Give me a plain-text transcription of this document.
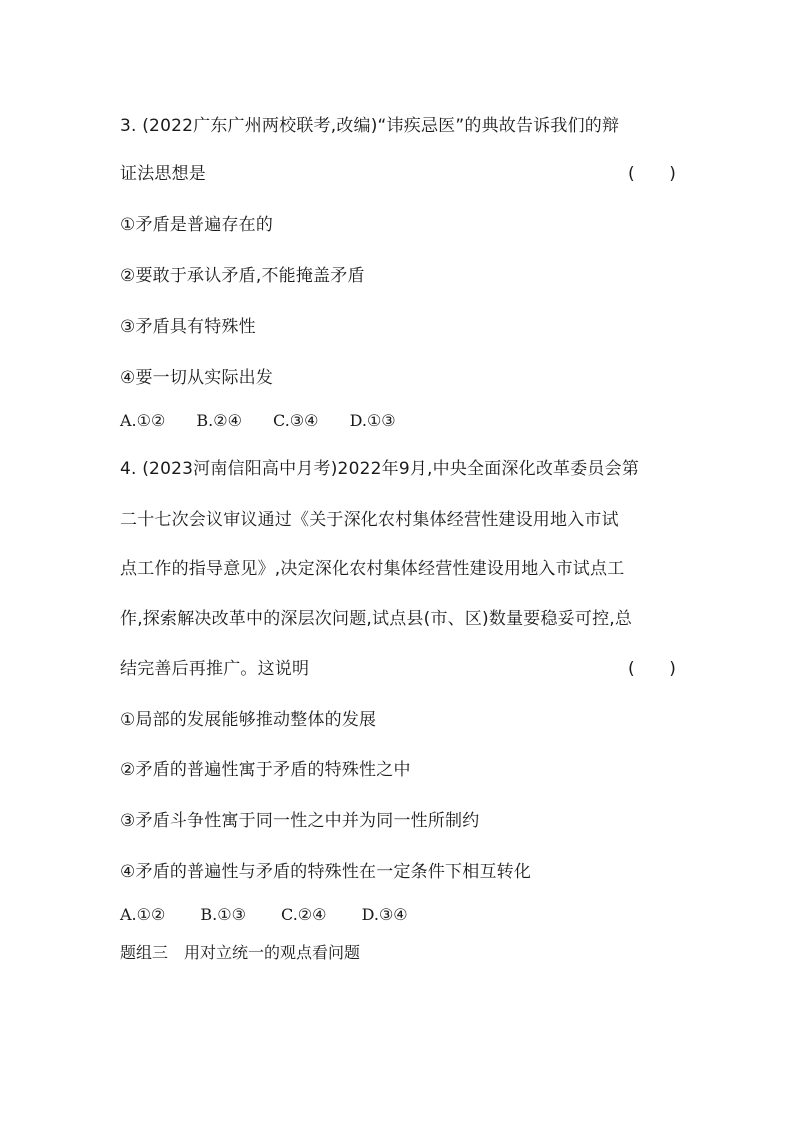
3. (2022广东广州两校联考,改编)“讳疾忌医”的典故告诉我们的辩
证法思想是	(　　)
①矛盾是普遍存在的
②要敢于承认矛盾,不能掩盖矛盾
③矛盾具有特殊性
④要一切从实际出发
A.①② B.②④ C.③④ D.①③
4. (2023河南信阳高中月考)2022年9月,中央全面深化改革委员会第
二十七次会议审议通过《关于深化农村集体经营性建设用地入市试
点工作的指导意见》,决定深化农村集体经营性建设用地入市试点工
作,探索解决改革中的深层次问题,试点县(市、区)数量要稳妥可控,总
结完善后再推广。这说明	(　　)
①局部的发展能够推动整体的发展
②矛盾的普遍性寓于矛盾的特殊性之中
③矛盾斗争性寓于同一性之中并为同一性所制约
④矛盾的普遍性与矛盾的特殊性在一定条件下相互转化
A.①② B.①③ C.②④ D.③④
题组三　用对立统一的观点看问题
